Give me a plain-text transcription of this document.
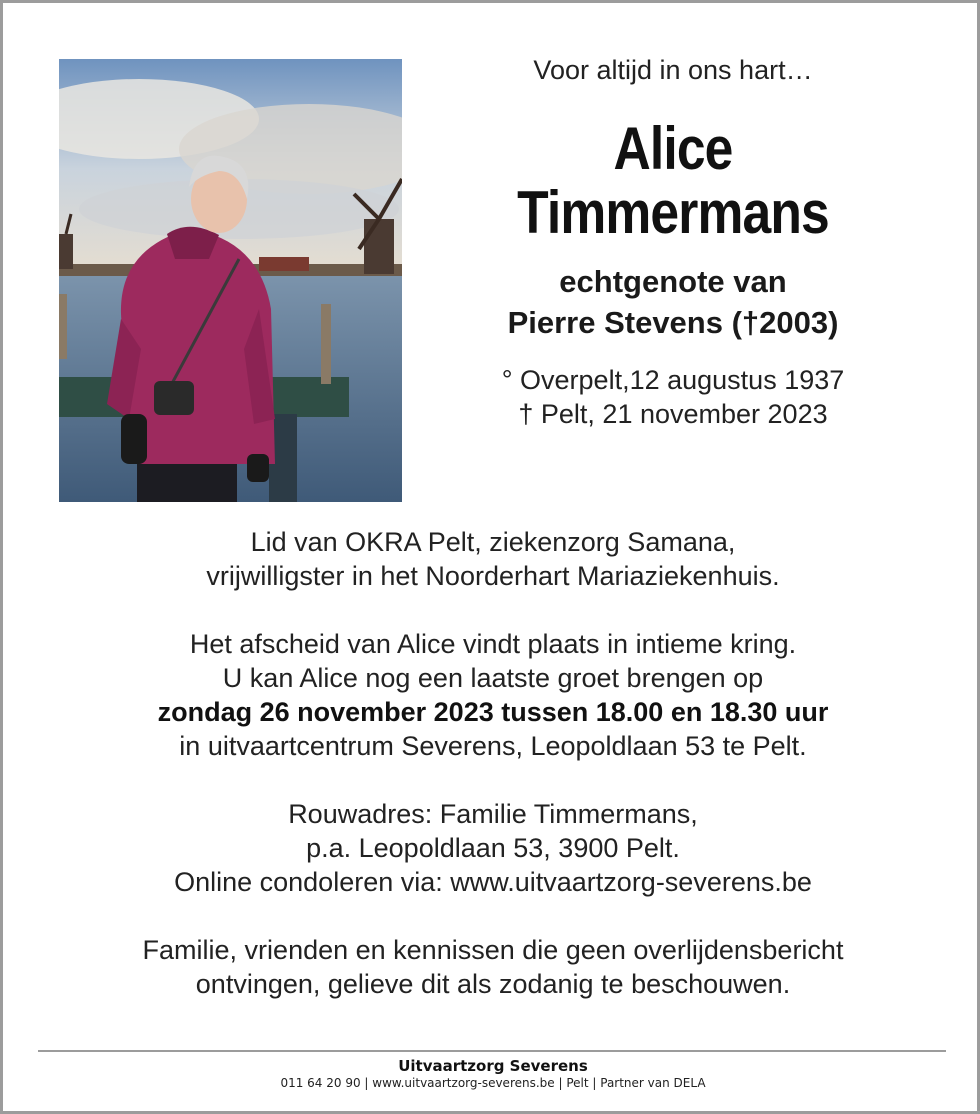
Voor altijd in ons hart…
Alice
Timmermans
echtgenote van
Pierre Stevens (†2003)
° Overpelt,12 augustus 1937
† Pelt, 21 november 2023
Lid van OKRA Pelt, ziekenzorg Samana,
vrijwilligster in het Noorderhart Mariaziekenhuis.
Het afscheid van Alice vindt plaats in intieme kring.
U kan Alice nog een laatste groet brengen op
zondag 26 november 2023 tussen 18.00 en 18.30 uur
in uitvaartcentrum Severens, Leopoldlaan 53 te Pelt.
Rouwadres: Familie Timmermans,
p.a. Leopoldlaan 53, 3900 Pelt.
Online condoleren via: www.uitvaartzorg-severens.be
Familie, vrienden en kennissen die geen overlijdensbericht
ontvingen, gelieve dit als zodanig te beschouwen.
Uitvaartzorg Severens
011 64 20 90 | www.uitvaartzorg-severens.be | Pelt | Partner van DELA
